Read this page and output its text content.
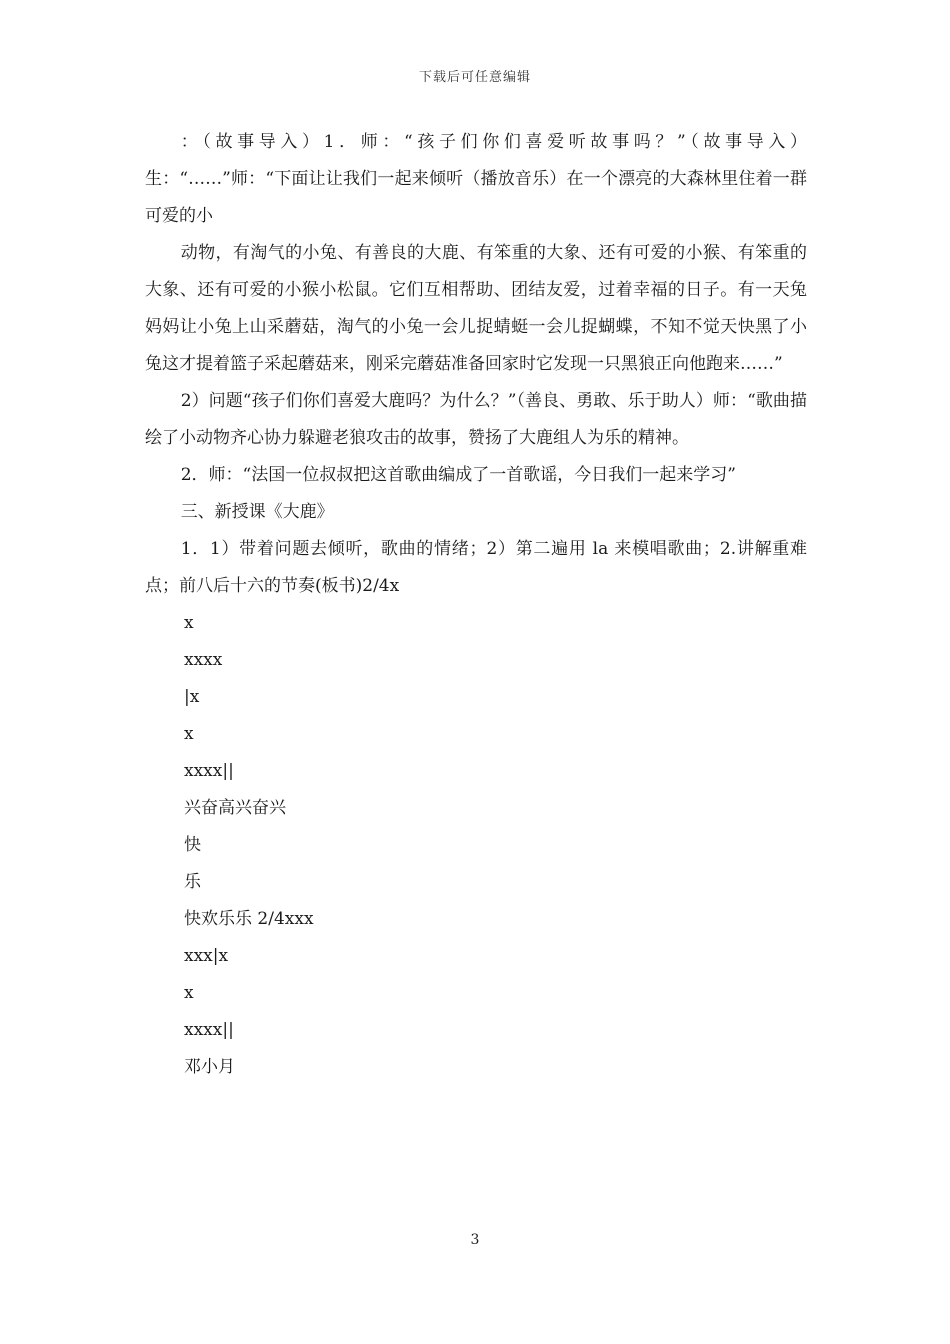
下载后可任意编辑

：（故事导入）1．师：“孩子们你们喜爱听故事吗？”（故事导入）生：“……”师：“下面让让我们一起来倾听（播放音乐）在一个漂亮的大森林里住着一群可爱的小

动物，有淘气的小兔、有善良的大鹿、有笨重的大象、还有可爱的小猴、有笨重的大象、还有可爱的小猴小松鼠。它们互相帮助、团结友爱，过着幸福的日子。有一天兔妈妈让小兔上山采蘑菇，淘气的小兔一会儿捉蜻蜓一会儿捉蝴蝶，不知不觉天快黑了小兔这才提着篮子采起蘑菇来，刚采完蘑菇准备回家时它发现一只黑狼正向他跑来……”

2）问题“孩子们你们喜爱大鹿吗？为什么？”（善良、勇敢、乐于助人）师：“歌曲描绘了小动物齐心协力躲避老狼攻击的故事，赞扬了大鹿组人为乐的精神。

2．师：“法国一位叔叔把这首歌曲编成了一首歌谣，今日我们一起来学习”

三、新授课《大鹿》

1．1）带着问题去倾听，歌曲的情绪；2）第二遍用 la 来模唱歌曲；2.讲解重难点；前八后十六的节奏(板书)2/4x

x

xxxx

|x

x

xxxx||

兴奋高兴奋兴

快

乐

快欢乐乐 2/4xxx

xxx|x

x

xxxx||

邓小月

3
